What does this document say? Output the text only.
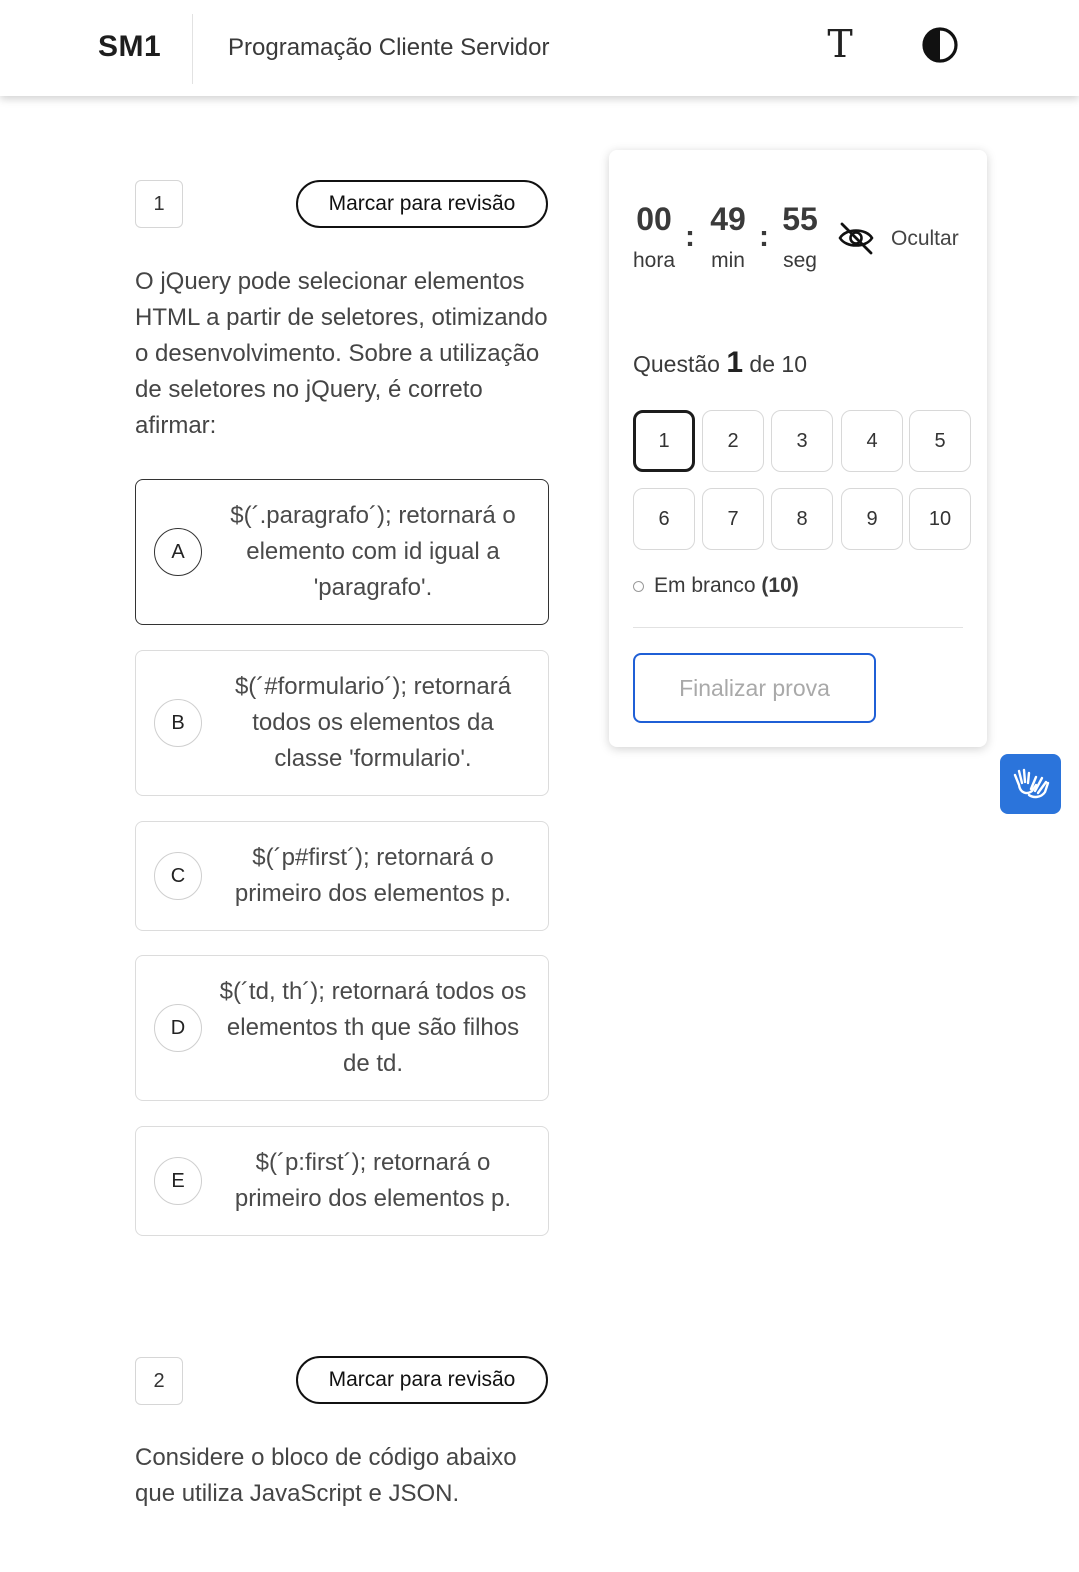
SM1	Programação Cliente Servidor	T
1	Marcar para revisão
O jQuery pode selecionar elementos HTML a partir de seletores, otimizando o desenvolvimento. Sobre a utilização de seletores no jQuery, é correto afirmar:
A
$(´.paragrafo´); retornará o elemento com id igual a 'paragrafo'.
B
$(´#formulario´); retornará todos os elementos da classe 'formulario'.
C
$(´p#first´); retornará o primeiro dos elementos p.
D
$(´td, th´); retornará todos os elementos th que são filhos de td.
E
$(´p:first´); retornará o primeiro dos elementos p.
2	Marcar para revisão
Considere o bloco de código abaixo que utiliza JavaScript e JSON.
00
hora
: 49
min
: 55
seg
Ocultar
Questão 1 de 10
1	2	3	4	5
6	7	8	9	10
Em branco
(10)
Finalizar prova
